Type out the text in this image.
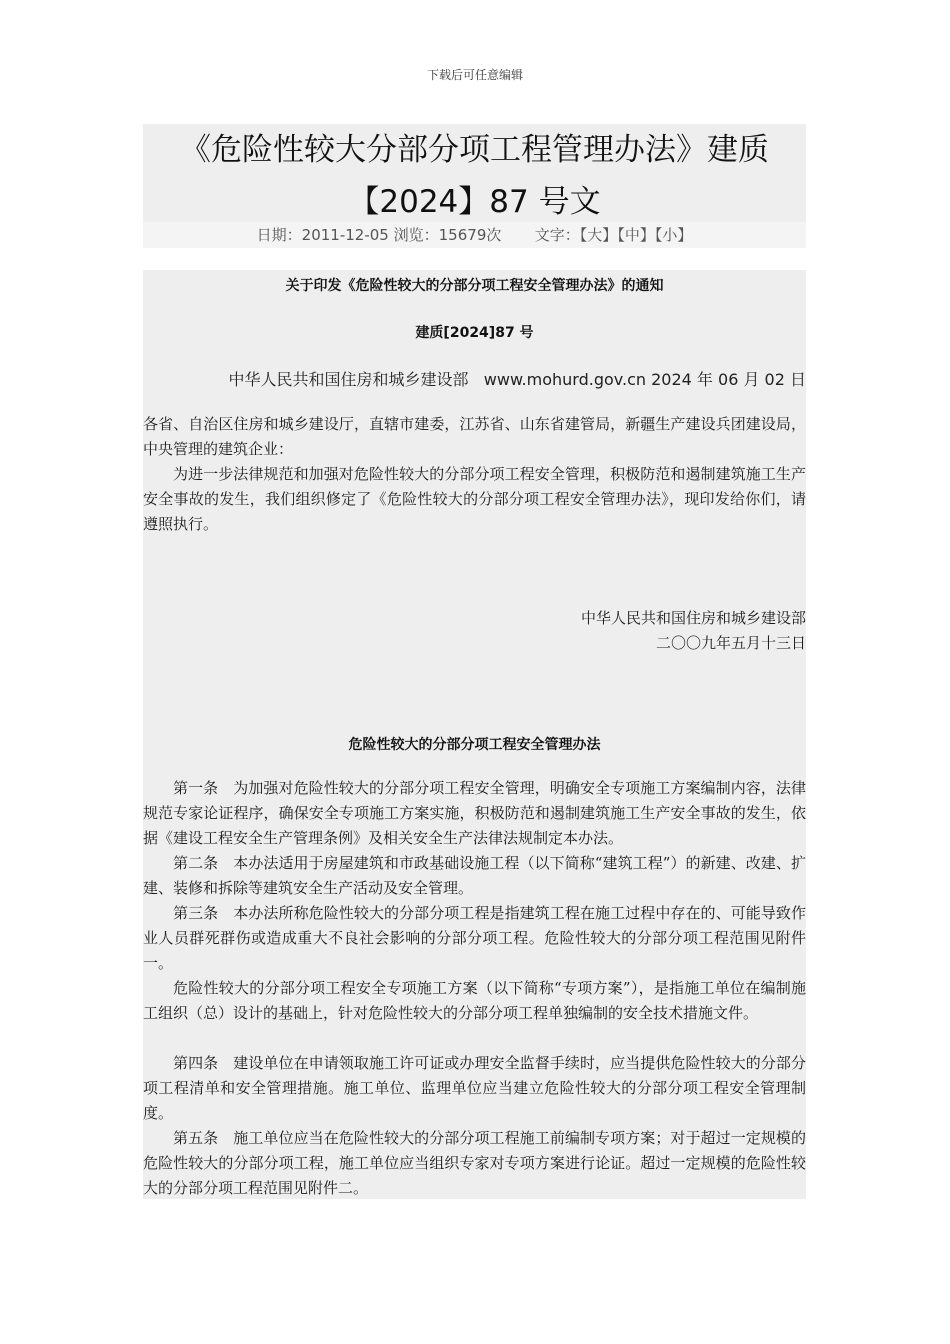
下载后可任意编辑
《危险性较大分部分项工程管理办法》建质
【2024】87 号文
日期：2011-12-05 浏览：15679次 文字：【大】【中】【小】
关于印发《危险性较大的分部分项工程安全管理办法》的通知
建质[2024]87 号
中华人民共和国住房和城乡建设部 www.mohurd.gov.cn 2024 年 06 月 02 日

各省、自治区住房和城乡建设厅，直辖市建委，江苏省、山东省建管局，新疆生产建设兵团建设局，中央管理的建筑企业：

为进一步法律规范和加强对危险性较大的分部分项工程安全管理，积极防范和遏制建筑施工生产安全事故的发生，我们组织修定了《危险性较大的分部分项工程安全管理办法》，现印发给你们，请遵照执行。

中华人民共和国住房和城乡建设部
二〇〇九年五月十三日
危险性较大的分部分项工程安全管理办法

第一条　为加强对危险性较大的分部分项工程安全管理，明确安全专项施工方案编制内容，法律规范专家论证程序，确保安全专项施工方案实施，积极防范和遏制建筑施工生产安全事故的发生，依据《建设工程安全生产管理条例》及相关安全生产法律法规制定本办法。

第二条　本办法适用于房屋建筑和市政基础设施工程（以下简称“建筑工程”）的新建、改建、扩建、装修和拆除等建筑安全生产活动及安全管理。

第三条　本办法所称危险性较大的分部分项工程是指建筑工程在施工过程中存在的、可能导致作业人员群死群伤或造成重大不良社会影响的分部分项工程。危险性较大的分部分项工程范围见附件一。

危险性较大的分部分项工程安全专项施工方案（以下简称“专项方案”），是指施工单位在编制施工组织（总）设计的基础上，针对危险性较大的分部分项工程单独编制的安全技术措施文件。

第四条　建设单位在申请领取施工许可证或办理安全监督手续时，应当提供危险性较大的分部分项工程清单和安全管理措施。施工单位、监理单位应当建立危险性较大的分部分项工程安全管理制度。

第五条　施工单位应当在危险性较大的分部分项工程施工前编制专项方案；对于超过一定规模的危险性较大的分部分项工程，施工单位应当组织专家对专项方案进行论证。超过一定规模的危险性较大的分部分项工程范围见附件二。
